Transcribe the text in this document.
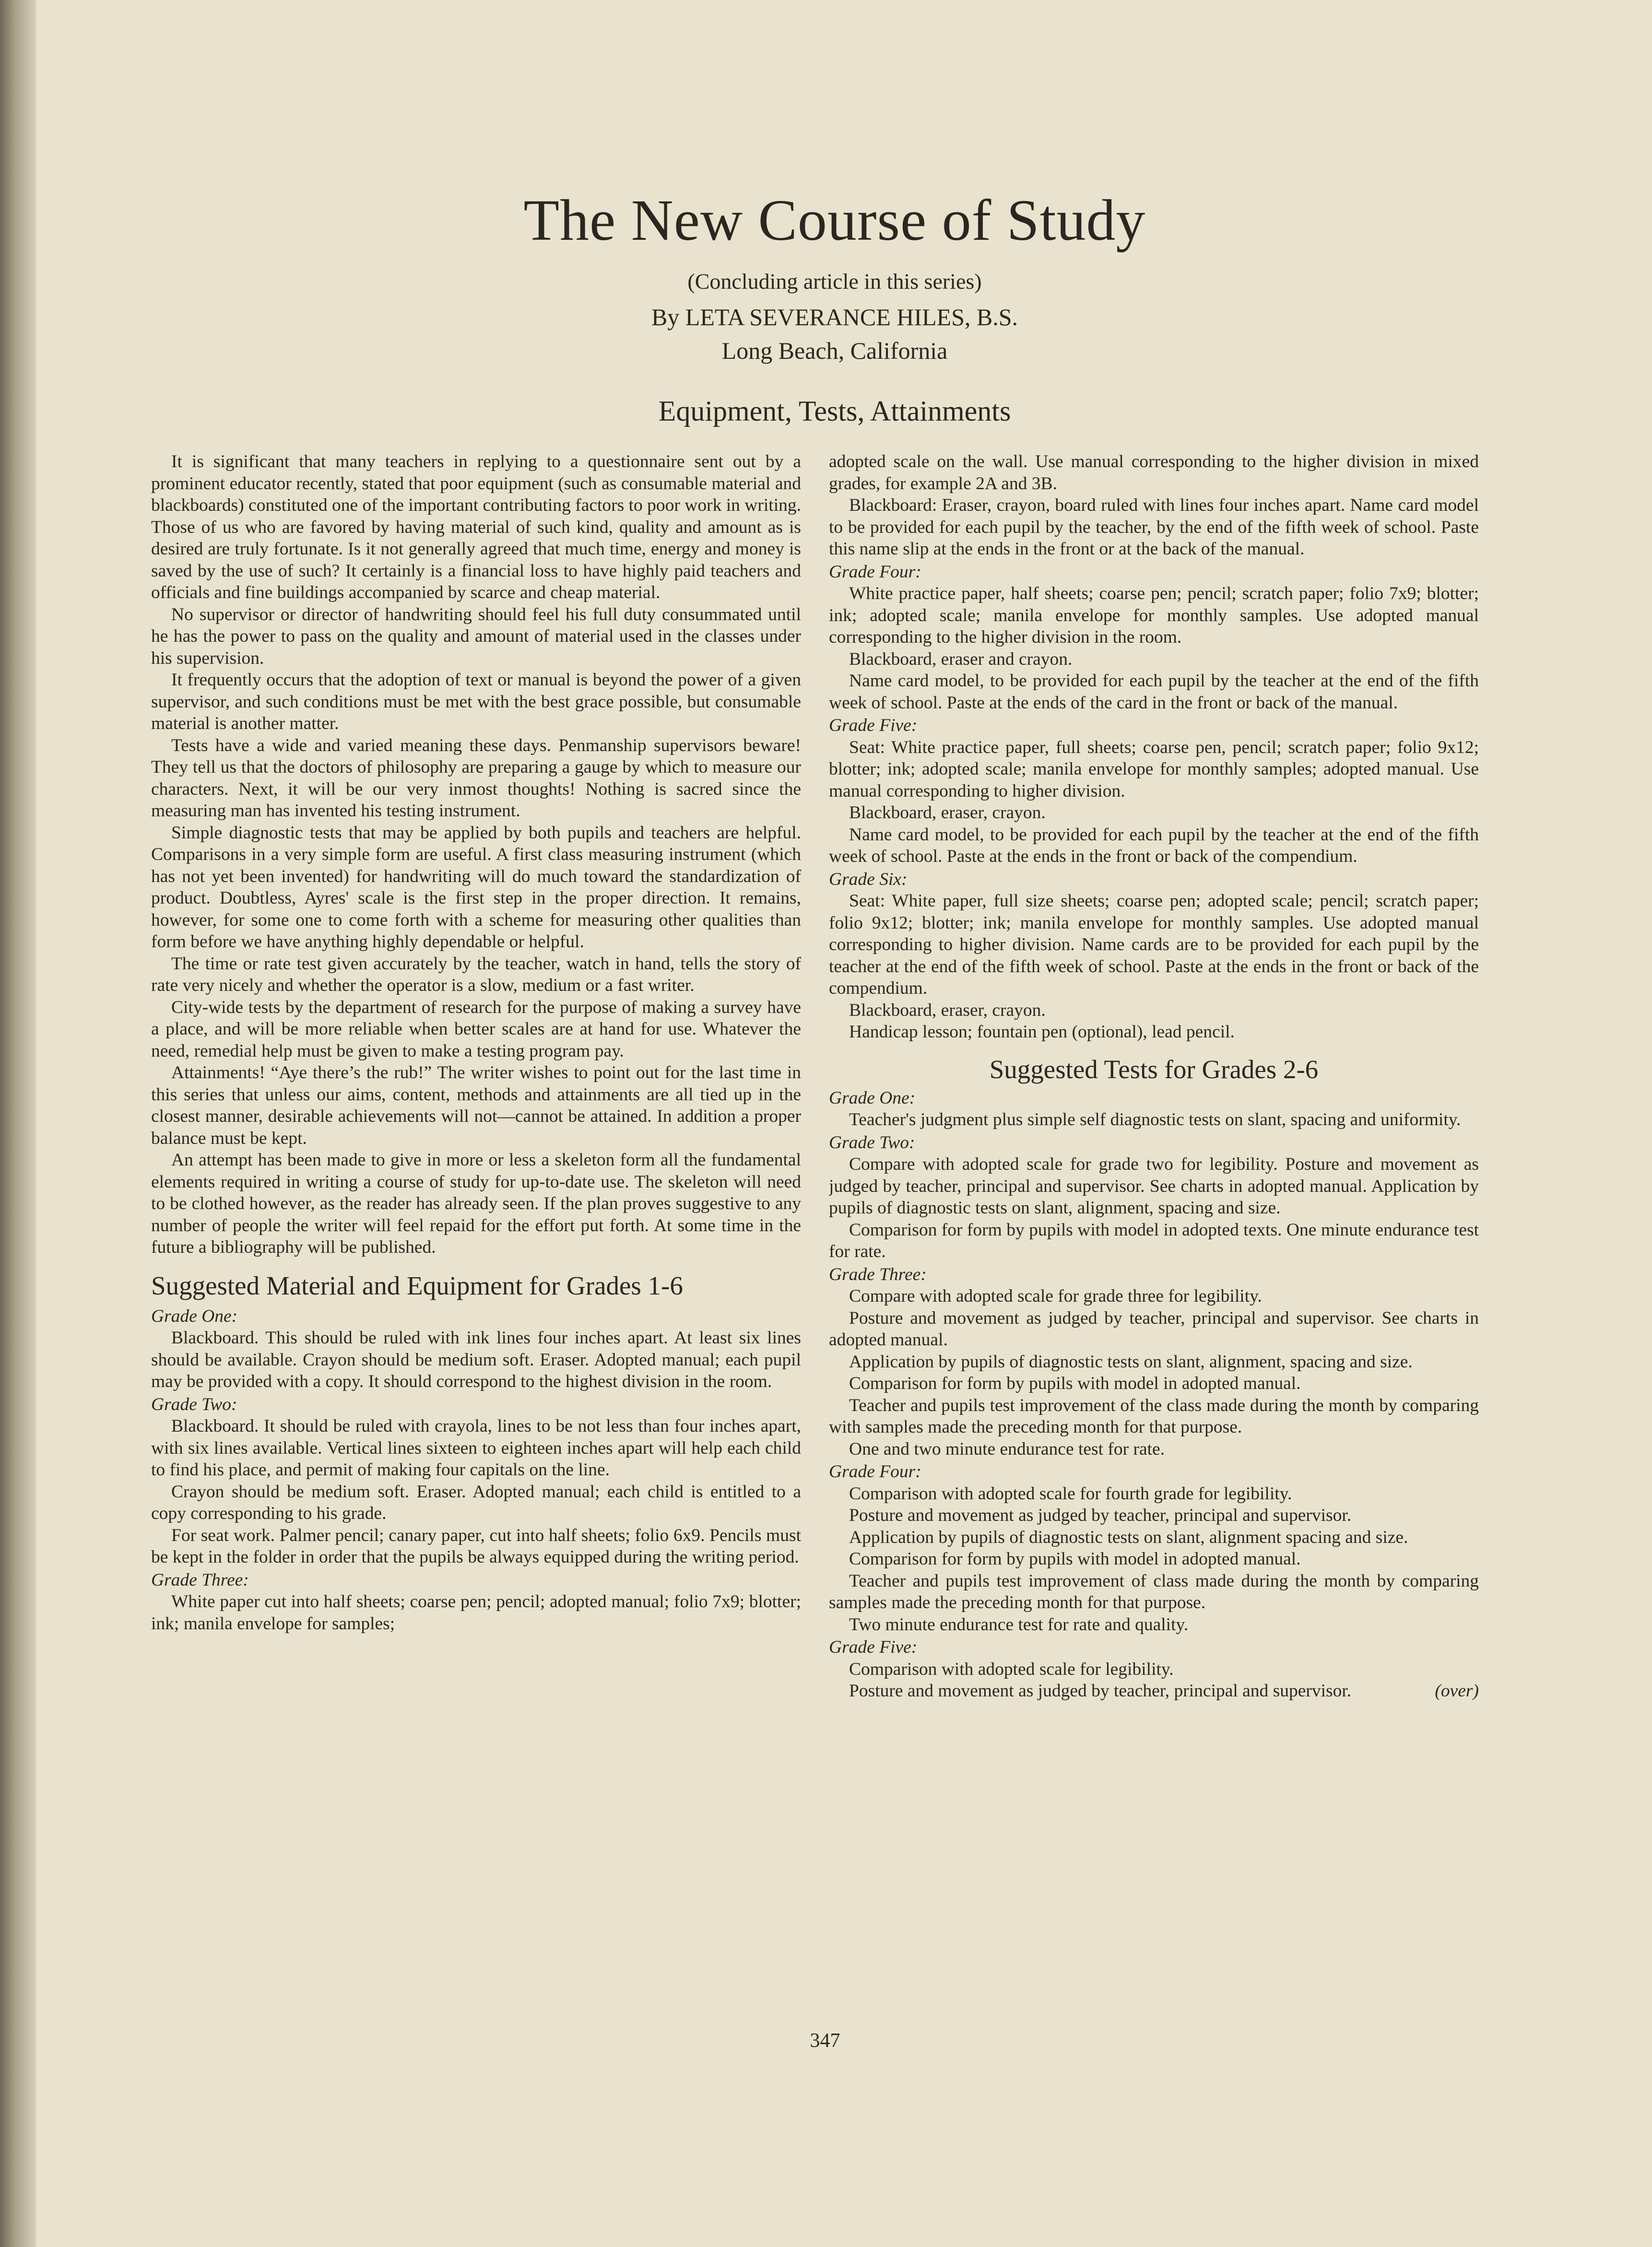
The New Course of Study

(Concluding article in this series)

By LETA SEVERANCE HILES, B.S.

Long Beach, California

Equipment, Tests, Attainments

It is significant that many teachers in replying to a questionnaire sent out by a prominent educator recently, stated that poor equipment (such as consumable material and blackboards) constituted one of the important contributing factors to poor work in writing. Those of us who are favored by having material of such kind, quality and amount as is desired are truly fortunate. Is it not generally agreed that much time, energy and money is saved by the use of such? It certainly is a financial loss to have highly paid teachers and officials and fine buildings accompanied by scarce and cheap material.

No supervisor or director of handwriting should feel his full duty consummated until he has the power to pass on the quality and amount of material used in the classes under his supervision.

It frequently occurs that the adoption of text or manual is beyond the power of a given supervisor, and such conditions must be met with the best grace possible, but consumable material is another matter.

Tests have a wide and varied meaning these days. Penmanship supervisors beware! They tell us that the doctors of philosophy are preparing a gauge by which to measure our characters. Next, it will be our very inmost thoughts! Nothing is sacred since the measuring man has invented his testing instrument.

Simple diagnostic tests that may be applied by both pupils and teachers are helpful. Comparisons in a very simple form are useful. A first class measuring instrument (which has not yet been invented) for handwriting will do much toward the standardization of product. Doubtless, Ayres' scale is the first step in the proper direction. It remains, however, for some one to come forth with a scheme for measuring other qualities than form before we have anything highly dependable or helpful.

The time or rate test given accurately by the teacher, watch in hand, tells the story of rate very nicely and whether the operator is a slow, medium or a fast writer.

City-wide tests by the department of research for the purpose of making a survey have a place, and will be more reliable when better scales are at hand for use. Whatever the need, remedial help must be given to make a testing program pay.

Attainments! “Aye there’s the rub!” The writer wishes to point out for the last time in this series that unless our aims, content, methods and attainments are all tied up in the closest manner, desirable achievements will not—cannot be attained. In addition a proper balance must be kept.

An attempt has been made to give in more or less a skeleton form all the fundamental elements required in writing a course of study for up-to-date use. The skeleton will need to be clothed however, as the reader has already seen. If the plan proves suggestive to any number of people the writer will feel repaid for the effort put forth. At some time in the future a bibliography will be published.

Suggested Material and Equipment for Grades 1-6

Grade One:

Blackboard. This should be ruled with ink lines four inches apart. At least six lines should be available. Crayon should be medium soft. Eraser. Adopted manual; each pupil may be provided with a copy. It should correspond to the highest division in the room.

Grade Two:

Blackboard. It should be ruled with crayola, lines to be not less than four inches apart, with six lines available. Vertical lines sixteen to eighteen inches apart will help each child to find his place, and permit of making four capitals on the line.

Crayon should be medium soft. Eraser. Adopted manual; each child is entitled to a copy corresponding to his grade.

For seat work. Palmer pencil; canary paper, cut into half sheets; folio 6x9. Pencils must be kept in the folder in order that the pupils be always equipped during the writing period.

Grade Three:

White paper cut into half sheets; coarse pen; pencil; adopted manual; folio 7x9; blotter; ink; manila envelope for samples;

adopted scale on the wall. Use manual corresponding to the higher division in mixed grades, for example 2A and 3B.

Blackboard: Eraser, crayon, board ruled with lines four inches apart. Name card model to be provided for each pupil by the teacher, by the end of the fifth week of school. Paste this name slip at the ends in the front or at the back of the manual.

Grade Four:

White practice paper, half sheets; coarse pen; pencil; scratch paper; folio 7x9; blotter; ink; adopted scale; manila envelope for monthly samples. Use adopted manual corresponding to the higher division in the room.

Blackboard, eraser and crayon.

Name card model, to be provided for each pupil by the teacher at the end of the fifth week of school. Paste at the ends of the card in the front or back of the manual.

Grade Five:

Seat: White practice paper, full sheets; coarse pen, pencil; scratch paper; folio 9x12; blotter; ink; adopted scale; manila envelope for monthly samples; adopted manual. Use manual corresponding to higher division.

Blackboard, eraser, crayon.

Name card model, to be provided for each pupil by the teacher at the end of the fifth week of school. Paste at the ends in the front or back of the compendium.

Grade Six:

Seat: White paper, full size sheets; coarse pen; adopted scale; pencil; scratch paper; folio 9x12; blotter; ink; manila envelope for monthly samples. Use adopted manual corresponding to higher division. Name cards are to be provided for each pupil by the teacher at the end of the fifth week of school. Paste at the ends in the front or back of the compendium.

Blackboard, eraser, crayon.

Handicap lesson; fountain pen (optional), lead pencil.

Suggested Tests for Grades 2-6

Grade One:

Teacher's judgment plus simple self diagnostic tests on slant, spacing and uniformity.

Grade Two:

Compare with adopted scale for grade two for legibility. Posture and movement as judged by teacher, principal and supervisor. See charts in adopted manual. Application by pupils of diagnostic tests on slant, alignment, spacing and size.

Comparison for form by pupils with model in adopted texts. One minute endurance test for rate.

Grade Three:

Compare with adopted scale for grade three for legibility.

Posture and movement as judged by teacher, principal and supervisor. See charts in adopted manual.

Application by pupils of diagnostic tests on slant, alignment, spacing and size.

Comparison for form by pupils with model in adopted manual.

Teacher and pupils test improvement of the class made during the month by comparing with samples made the preceding month for that purpose.

One and two minute endurance test for rate.

Grade Four:

Comparison with adopted scale for fourth grade for legibility.

Posture and movement as judged by teacher, principal and supervisor.

Application by pupils of diagnostic tests on slant, alignment spacing and size.

Comparison for form by pupils with model in adopted manual.

Teacher and pupils test improvement of class made during the month by comparing samples made the preceding month for that purpose.

Two minute endurance test for rate and quality.

Grade Five:

Comparison with adopted scale for legibility.

Posture and movement as judged by teacher, principal and supervisor.	(over)

347
